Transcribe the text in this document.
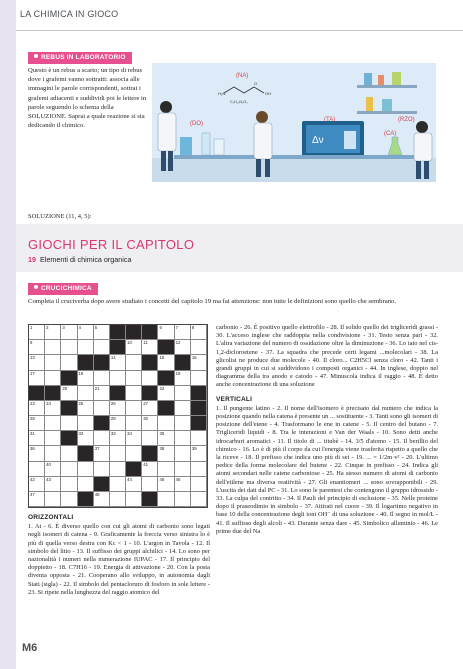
LA CHIMICA IN GIOCO
REBUS IN LABORATORIO
Questo è un rebus a scarto; un tipo di rebus dove i grafemi vanno sottratti: associa alle immagini le parole corrispondenti, sottrai i grafemi adiacenti e suddividi poi le lettere in parole seguendo lo schema della SOLUZIONE. Saprai a quale reazione si sta dedicando il chimico.
(NA)
H₂N	OH
O
C₅H₁₀N₂O₃
Δν
(TA)
(CA)
(RZO)
(DO)
SOLUZIONE (11, 4, 5):
GIOCHI PER IL CAPITOLO
19 Elementi di chimica organica
CRUCICHIMICA
Completa il cruciverba dopo avere studiato i concetti del capitolo 19 ma fai attenzione: non tutte le definizioni sono quello che sembrano.
1	2	3	4	5	6	7	8
9	10	11	12
13	14	15	16
17	18	19
20	21	22
23	24	25	26	27
28	29	30
31	32	33	34	35
36	37	38	39
40	41
42	43	44	45	46
47	48
ORIZZONTALI

1. At - 6. È diverso quello con cui gli atomi di carbonio sono legati negli isomeri di catena - 9. Graficamente la freccia verso sinistra lo è più di quella verso destra con Kc < 1 - 10. L'argon in Tavola - 12. Il simbolo del litio - 13. Il suffisso dei gruppi alchilici - 14. Lo sono per nazionalità i numeri nella numerazione IUPAC - 17. Il principio del doppietto - 18. C7H16 - 19. Energia di attivazione - 20. Con la posta diventa opposta - 21. Cooperano allo sviluppo, in autonomia dagli Stati (sigla) - 22. Il simbolo del pentacloruro di fosforo in sole lettere - 23. Si ripete nella lunghezza del raggio atomico del

carbonio - 26. È positivo quello elettrofilo - 28. Il solido quello dei trigliceridi grassi - 30. L'acceso inglese che raddoppia nella condivisione - 31. Testo senza pari - 32. L'altra variazione del numero di ossidazione oltre la diminuzione - 36. Lo iato nel cis-1,2-dicloroetene - 37. La squadra che precede certi legami ...molecolari - 38. La glicolisi ne produce due molecole - 40. Il cloro... C2H5Cl senza cloro - 42. Tanti i grandi gruppi in cui si suddividono i composti organici - 44. In inglese, doppio nel diagramma della tra anodo e catodo - 47. Minuscola indica il raggio - 48. È detto anche concentrazione di una soluzione

VERTICALI

1. Il pungente latino - 2. Il nome dell'isomero è precisato dal numero che indica la posizione quando nella catena è presente un ... sostituente - 3. Tanti sono gli isomeri di posizione dell'etene - 4. Trasformano le ene in catene - 5. Il centro del butano - 7. Trigliceridi liquidi - 8. Tra le interazioni e Van der Waals - 10. Sono detti anche idrocarburi aromatici - 11. Il titolo di ... titubè - 14. 3/5 d'atomo - 15. Il berillio del chimico - 16. Lo è di più il corpo da cui l'energia viene trasferita rispetto a quello che la riceve - 18. Il prefisso che indica uno più di sei - 19. ... = 1/2m·v² - 20. L'ultimo pedice della forma molecolare del butene - 22. Cinque in prefisso - 24. Indica gli atomi secondari nelle catene carboniose - 25. Ha stesso numero di atomi di carbonio dell'etilene ma diversa reattività - 27. Gli enantiomeri ... sono sovrapponibili - 29. L'uscita dei dati dal PC - 31. Lo sono le parentesi che contengono il gruppo idrossido - 33. La culpa del contritto - 34. Il Pauli del principio di esclusione - 35. Nelle proteine dopo il praseodimio in simbolo - 37. Attirati nel cuore - 39. Il logaritmo negativo in base 10 della concentrazione degli ioni OH⁻ di una soluzione - 40. Il segno in mol/L - 41. Il suffisso degli alcoli - 43. Durante senza dare - 45. Simbolico alluminio - 46. Le prime due del Na

M6
